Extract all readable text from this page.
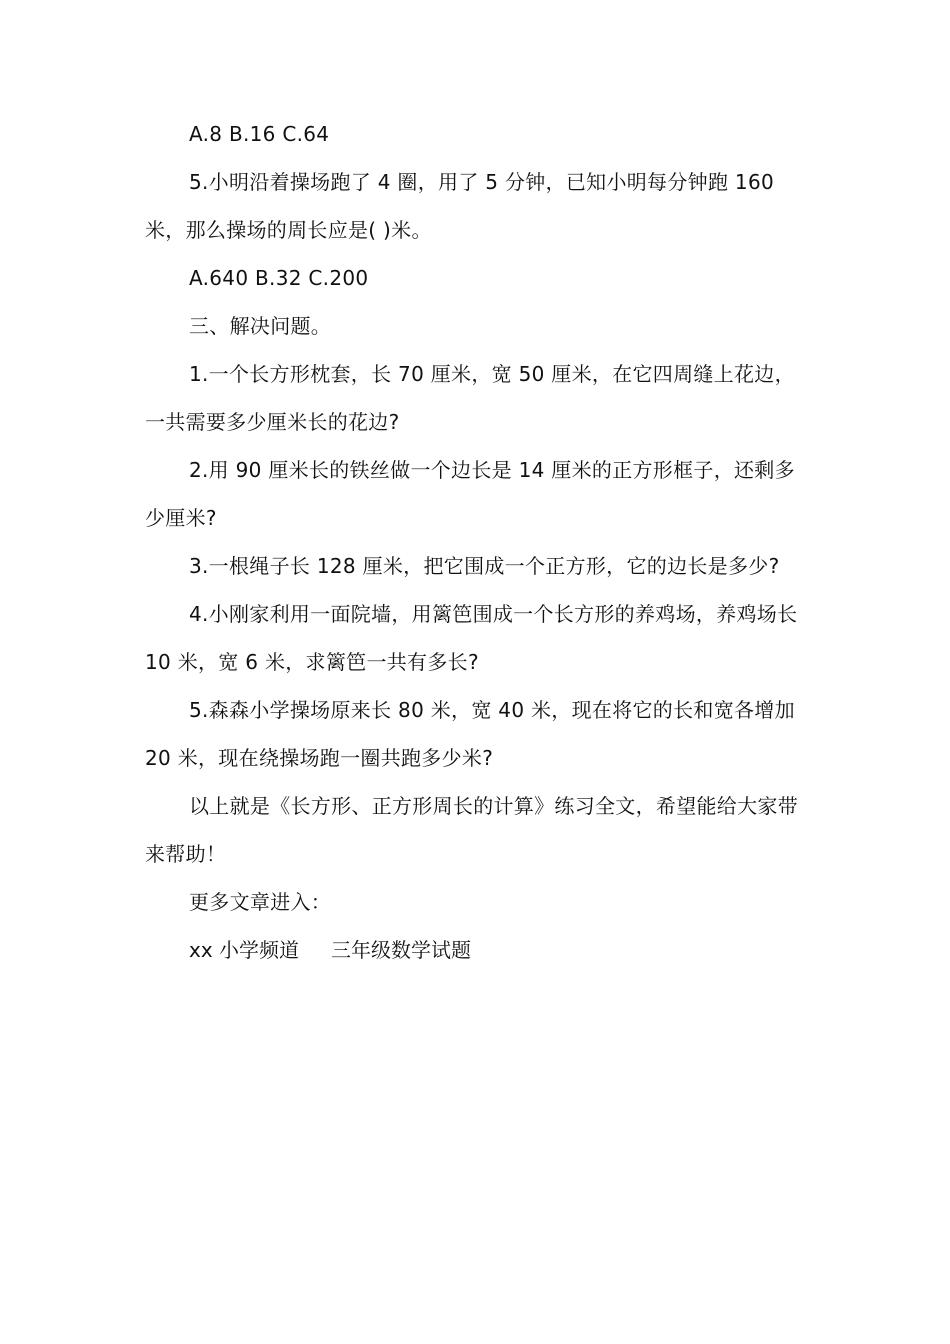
A.8 B.16 C.64

5.小明沿着操场跑了 4 圈，用了 5 分钟，已知小明每分钟跑 160 米，那么操场的周长应是( )米。

A.640 B.32 C.200

三、解决问题。

1.一个长方形枕套，长 70 厘米，宽 50 厘米，在它四周缝上花边，一共需要多少厘米长的花边?

2.用 90 厘米长的铁丝做一个边长是 14 厘米的正方形框子，还剩多少厘米?

3.一根绳子长 128 厘米，把它围成一个正方形，它的边长是多少?

4.小刚家利用一面院墙，用篱笆围成一个长方形的养鸡场，养鸡场长 10 米，宽 6 米，求篱笆一共有多长?

5.森森小学操场原来长 80 米，宽 40 米，现在将它的长和宽各增加 20 米，现在绕操场跑一圈共跑多少米?

以上就是《长方形、正方形周长的计算》练习全文，希望能给大家带来帮助！

更多文章进入：

xx 小学频道 三年级数学试题
